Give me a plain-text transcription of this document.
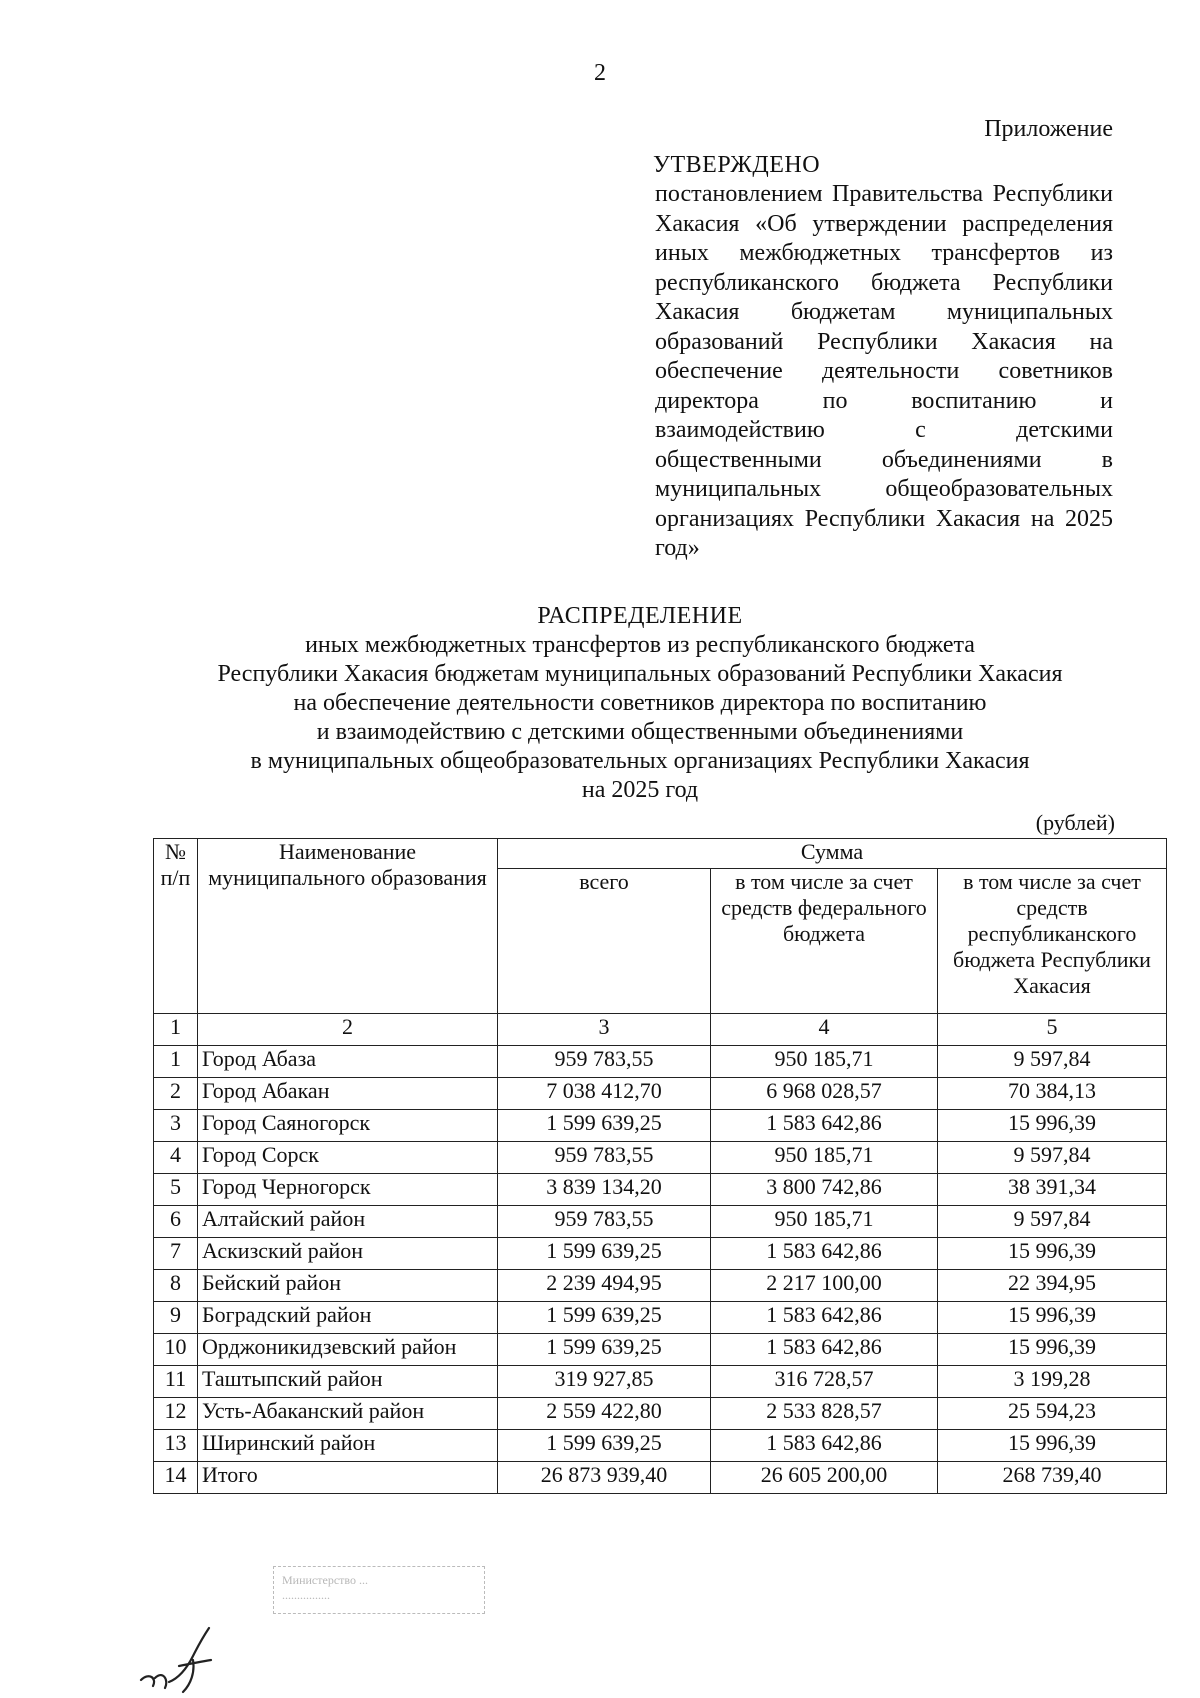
2
Приложение
УТВЕРЖДЕНО
постановлением Правительства Республики Хакасия «Об утверждении распределения иных межбюджетных трансфертов из республиканского бюджета Республики Хакасия бюджетам муниципальных образований Республики Хакасия на обеспечение деятельности советников директора по воспитанию и взаимодействию с детскими общественными объединениями в муниципальных общеобразовательных организациях Республики Хакасия на 2025 год»
РАСПРЕДЕЛЕНИЕ
иных межбюджетных трансфертов из республиканского бюджета
Республики Хакасия бюджетам муниципальных образований Республики Хакасия
на обеспечение деятельности советников директора по воспитанию
и взаимодействию с детскими общественными объединениями
в муниципальных общеобразовательных организациях Республики Хакасия
на 2025 год
(рублей)
№ п/п	Наименование муниципального образования	Сумма		
		всего	в том числе за счет средств федерального бюджета	в том числе за счет средств республиканского бюджета Республики Хакасия
1	2	3	4	5
1	Город Абаза	959 783,55	950 185,71	9 597,84
2	Город Абакан	7 038 412,70	6 968 028,57	70 384,13
3	Город Саяногорск	1 599 639,25	1 583 642,86	15 996,39
4	Город Сорск	959 783,55	950 185,71	9 597,84
5	Город Черногорск	3 839 134,20	3 800 742,86	38 391,34
6	Алтайский район	959 783,55	950 185,71	9 597,84
7	Аскизский район	1 599 639,25	1 583 642,86	15 996,39
8	Бейский район	2 239 494,95	2 217 100,00	22 394,95
9	Боградский район	1 599 639,25	1 583 642,86	15 996,39
10	Орджоникидзевский район	1 599 639,25	1 583 642,86	15 996,39
11	Таштыпский район	319 927,85	316 728,57	3 199,28
12	Усть-Абаканский район	2 559 422,80	2 533 828,57	25 594,23
13	Ширинский район	1 599 639,25	1 583 642,86	15 996,39
14	Итого	26 873 939,40	26 605 200,00	268 739,40
Министерство ...
................
